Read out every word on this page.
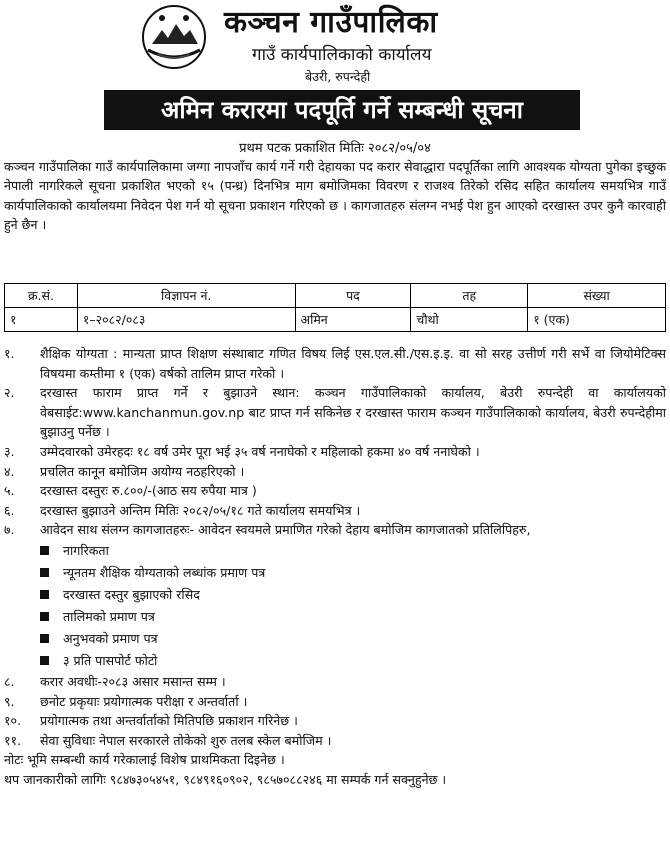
कञ्चन गाउँपालिका
गाउँ कार्यपालिकाको कार्यालय
बेउरी, रुपन्देही
अमिन करारमा पदपूर्ति गर्ने सम्बन्धी सूचना
प्रथम पटक प्रकाशित मितिः २०८२/०५/०४
कञ्चन गाउँपालिका गाउँ कार्यपालिकामा जग्गा नापजाँच कार्य गर्ने गरी देहायका पद करार सेवाद्धारा पदपूर्तिका लागि आवश्यक योग्यता पुगेका इच्छुक नेपाली नागरिकले सूचना प्रकाशित भएको १५ (पन्ध्र) दिनभित्र माग बमोजिमका विवरण र राजश्व तिरेको रसिद सहित कार्यालय समयभित्र गाउँ कार्यपालिकाको कार्यालयमा निवेदन पेश गर्न यो सूचना प्रकाशन गरिएको छ । कागजातहरु संलग्न नभई पेश हुन आएको दरखास्त उपर कुनै कारवाही हुने छैन ।
क्र.सं.	विज्ञापन नं.	पद	तह	संख्या
१	१–२०८२/०८३	अमिन	चौथो	१ (एक)
१.	शैक्षिक योग्यता : मान्यता प्राप्त शिक्षण संस्थाबाट गणित विषय लिई एस.एल.सी./एस.इ.इ. वा सो सरह उत्तीर्ण गरी सर्भे वा जियोमेटिक्स विषयमा कम्तीमा १ (एक) वर्षको तालिम प्राप्त गरेको ।
२.	दरखास्त फाराम प्राप्त गर्ने र बुझाउने स्थान: कञ्चन गाउँपालिकाको कार्यालय, बेउरी रुपन्देही वा कार्यालयको वेबसाईट:www.kanchanmun.gov.np बाट प्राप्त गर्न सकिनेछ र दरखास्त फाराम कञ्चन गाउँपालिकाको कार्यालय, बेउरी रुपन्देहीमा बुझाउनु पर्नेछ ।
३.	उम्मेदवारको उमेरहदः १८ वर्ष उमेर पूरा भई ३५ वर्ष ननाघेको र महिलाको हकमा ४० वर्ष ननाघेको ।
४.	प्रचलित कानून बमोजिम अयोग्य नठहरिएको ।
५.	दरखास्त दस्तुरः रु.८००/-(आठ सय रुपैया मात्र )
६.	दरखास्त बुझाउने अन्तिम मितिः २०८२/०५/१८ गते कार्यालय समयभित्र ।
७.	आवेदन साथ संलग्न कागजातहरुः- आवेदन स्वयमले प्रमाणित गरेको देहाय बमोजिम कागजातको प्रतिलिपिहरु,
नागरिकता
न्यूनतम शैक्षिक योग्यताको लब्धांक प्रमाण पत्र
दरखास्त दस्तुर बुझाएको रसिद
तालिमको प्रमाण पत्र
अनुभवको प्रमाण पत्र
३ प्रति पासपोर्ट फोटो
८.	करार अवधीः-२०८३ असार मसान्त सम्म ।
९.	छनोट प्रकृयाः प्रयोगात्मक परीक्षा र अन्तर्वार्ता ।
१०.	प्रयोगात्मक तथा अन्तर्वार्ताको मितिपछि प्रकाशन गरिनेछ ।
११.	सेवा सुविधाः नेपाल सरकारले तोकेको शुरु तलब स्केल बमोजिम ।
नोटः भूमि सम्बन्धी कार्य गरेकालाई विशेष प्राथमिकता दिइनेछ ।
थप जानकारीको लागिः ९८४७३०५४५१, ९८४९१६०९०२, ९८५७०८८२४६ मा सम्पर्क गर्न सक्नुहुनेछ ।
